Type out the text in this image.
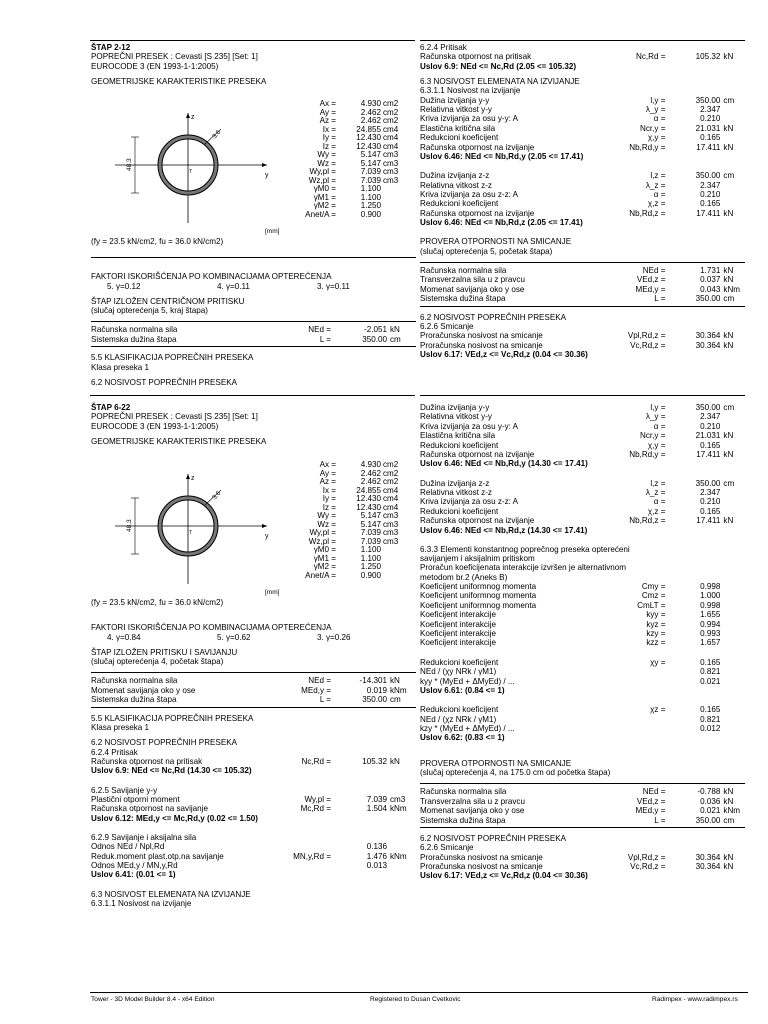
ŠTAP 2-12

POPREČNI PRESEK : Cevasti [S 235] [Set: 1]

EUROCODE 3 (EN 1993-1-1:2005)

GEOMETRIJSKE KARAKTERISTIKE PRESEKA

z
y
48.3
3.6
T
[mm]
Ax =	4.930 cm2
Ay =	2.462 cm2
Az =	2.462 cm2
Ix =	24.855 cm4
Iy =	12.430 cm4
Iz =	12.430 cm4
Wy =	5.147 cm3
Wz =	5.147 cm3
Wy,pl =	7.039 cm3
Wz,pl =	7.039 cm3
γM0 =	1.100
γM1 =	1.100
γM2 =	1.250
Anet/A =	0.900

(fy = 23.5 kN/cm2, fu = 36.0 kN/cm2)

FAKTORI ISKORIŠĆENJA PO KOMBINACIJAMA OPTEREĆENJA

5. γ=0.12	4. γ=0.11	3. γ=0.11

ŠTAP IZLOŽEN CENTRIČNOM PRITISKU

(slučaj opterećenja 5, kraj štapa)

Računska normalna sila	NEd =	-2.051 kN
Sistemska dužina štapa	L =	350.00 cm

5.5 KLASIFIKACIJA POPREČNIH PRESEKA

Klasa preseka 1

6.2 NOSIVOST POPREČNIH PRESEKA

6.2.4 Pritisak

Računska otpornost na pritisak	Nc,Rd =	105.32 kN

Uslov 6.9: NEd <= Nc,Rd (2.05 <= 105.32)

6.3 NOSIVOST ELEMENATA NA IZVIJANJE

6.3.1.1 Nosivost na izvijanje

Dužina izvijanja y-y	l,y =	350.00 cm
Relativna vitkost y-y	λ_y =	2.347
Kriva izvijanja za osu y-y: A	α =	0.210
Elastična kritična sila	Ncr,y =	21.031 kN
Redukcioni koeficijent	χ,y =	0.165
Računska otpornost na izvijanje	Nb,Rd,y =	17.411 kN

Uslov 6.46: NEd <= Nb,Rd,y (2.05 <= 17.41)

Dužina izvijanja z-z	l,z =	350.00 cm
Relativna vitkost z-z	λ_z =	2.347
Kriva izvijanja za osu z-z: A	α =	0.210
Redukcioni koeficijent	χ,z =	0.165
Računska otpornost na izvijanje	Nb,Rd,z =	17.411 kN

Uslov 6.46: NEd <= Nb,Rd,z (2.05 <= 17.41)

PROVERA OTPORNOSTI NA SMICANJE

(slučaj opterećenja 5, početak štapa)

Računska normalna sila	NEd =	1.731 kN
Transverzalna sila u z pravcu	VEd,z =	0.037 kN
Momenat savijanja oko y ose	MEd,y =	0.043 kNm
Sistemska dužina štapa	L =	350.00 cm

6.2 NOSIVOST POPREČNIH PRESEKA

6.2.6 Smicanje

Proračunska nosivost na smicanje	Vpl,Rd,z =	30.364 kN
Proračunska nosivost na smicanje	Vc,Rd,z =	30.364 kN

Uslov 6.17: VEd,z <= Vc,Rd,z (0.04 <= 30.36)

ŠTAP 6-22

POPREČNI PRESEK : Cevasti [S 235] [Set: 1]

EUROCODE 3 (EN 1993-1-1:2005)

GEOMETRIJSKE KARAKTERISTIKE PRESEKA

z
y
48.3
3.6
T
[mm]
Ax =	4.930 cm2
Ay =	2.462 cm2
Az =	2.462 cm2
Ix =	24.855 cm4
Iy =	12.430 cm4
Iz =	12.430 cm4
Wy =	5.147 cm3
Wz =	5.147 cm3
Wy,pl =	7.039 cm3
Wz,pl =	7.039 cm3
γM0 =	1.100
γM1 =	1.100
γM2 =	1.250
Anet/A =	0.900

(fy = 23.5 kN/cm2, fu = 36.0 kN/cm2)

FAKTORI ISKORIŠĆENJA PO KOMBINACIJAMA OPTEREĆENJA

4. γ=0.84	5. γ=0.62	3. γ=0.26

ŠTAP IZLOŽEN PRITISKU I SAVIJANJU

(slučaj opterećenja 4, početak štapa)

Računska normalna sila	NEd =	-14.301 kN
Momenat savijanja oko y ose	MEd,y =	0.019 kNm
Sistemska dužina štapa	L =	350.00 cm

5.5 KLASIFIKACIJA POPREČNIH PRESEKA

Klasa preseka 1

6.2 NOSIVOST POPREČNIH PRESEKA

6.2.4 Pritisak

Računska otpornost na pritisak	Nc,Rd =	105.32 kN

Uslov 6.9: NEd <= Nc,Rd (14.30 <= 105.32)

6.2.5 Savijanje y-y

Plastični otporni moment	Wy,pl =	7.039 cm3
Računska otpornost na savijanje	Mc,Rd =	1.504 kNm

Uslov 6.12: MEd,y <= Mc,Rd,y (0.02 <= 1.50)

6.2.9 Savijanje i aksijalna sila

Odnos NEd / Npl,Rd	0.136
Reduk.moment plast.otp.na savijanje	MN,y,Rd =	1.476 kNm
Odnos MEd,y / MN,y,Rd	0.013

Uslov 6.41: (0.01 <= 1)

6.3 NOSIVOST ELEMENATA NA IZVIJANJE

6.3.1.1 Nosivost na izvijanje

Dužina izvijanja y-y	l,y =	350.00 cm
Relativna vitkost y-y	λ_y =	2.347
Kriva izvijanja za osu y-y: A	α =	0.210
Elastična kritična sila	Ncr,y =	21.031 kN
Redukcioni koeficijent	χ,y =	0.165
Računska otpornost na izvijanje	Nb,Rd,y =	17.411 kN

Uslov 6.46: NEd <= Nb,Rd,y (14.30 <= 17.41)

Dužina izvijanja z-z	l,z =	350.00 cm
Relativna vitkost z-z	λ_z =	2.347
Kriva izvijanja za osu z-z: A	α =	0.210
Redukcioni koeficijent	χ,z =	0.165
Računska otpornost na izvijanje	Nb,Rd,z =	17.411 kN

Uslov 6.46: NEd <= Nb,Rd,z (14.30 <= 17.41)

6.3.3 Elementi konstantnog poprečnog preseka opterećeni

savijanjem i aksijalnim pritiskom

Proračun koeficijenata interakcije izvršen je alternativnom

metodom br.2 (Aneks B)

Koeficijent uniformnog momenta	Cmy =	0.998
Koeficijent uniformnog momenta	Cmz =	1.000
Koeficijent uniformnog momenta	CmLT =	0.998
Koeficijent interakcije	kyy =	1.655
Koeficijent interakcije	kyz =	0.994
Koeficijent interakcije	kzy =	0.993
Koeficijent interakcije	kzz =	1.657
Redukcioni koeficijent	χy =	0.165
NEd / (χy NRk / γM1)	0.821
kyy * (MyEd + ΔMyEd) / ...	0.021

Uslov 6.61: (0.84 <= 1)

Redukcioni koeficijent	χz =	0.165
NEd / (χz NRk / γM1)	0.821
kzy * (MyEd + ΔMyEd) / ...	0.012

Uslov 6.62: (0.83 <= 1)

PROVERA OTPORNOSTI NA SMICANJE

(slučaj opterećenja 4, na 175.0 cm od početka štapa)

Računska normalna sila	NEd =	-0.788 kN
Transverzalna sila u z pravcu	VEd,z =	0.036 kN
Momenat savijanja oko y ose	MEd,y =	0.021 kNm
Sistemska dužina štapa	L =	350.00 cm

6.2 NOSIVOST POPREČNIH PRESEKA

6.2.6 Smicanje

Proračunska nosivost na smicanje	Vpl,Rd,z =	30.364 kN
Proračunska nosivost na smicanje	Vc,Rd,z =	30.364 kN

Uslov 6.17: VEd,z <= Vc,Rd,z (0.04 <= 30.36)

Tower - 3D Model Builder 8.4 - x64 Edition	Registered to Dusan Cvetkovic	Radimpex - www.radimpex.rs
